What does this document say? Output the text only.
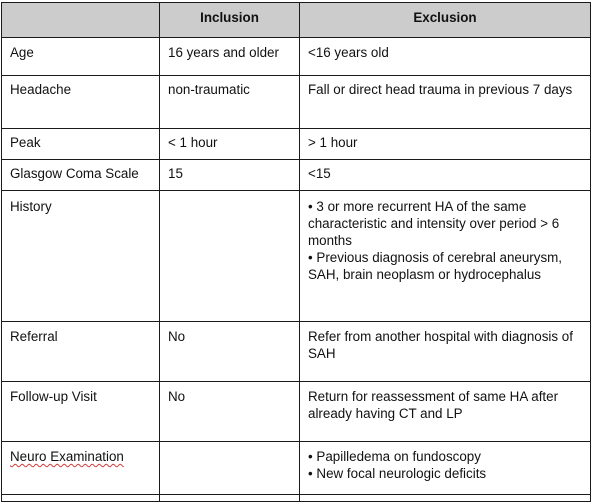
	Inclusion	Exclusion
Age	16 years and older	<16 years old

Headache	non-traumatic	Fall or direct head trauma in previous 7 days

Peak	< 1 hour	> 1 hour

Glasgow Coma Scale	15	<15

History		• 3 or more recurrent HA of the same characteristic and intensity over period > 6 months
• Previous diagnosis of cerebral aneurysm, SAH, brain neoplasm or hydrocephalus

Referral	No	Refer from another hospital with diagnosis of SAH

Follow-up Visit	No	Return for reassessment of same HA after already having CT and LP

Neuro Examination		• Papilledema on fundoscopy
• New focal neurologic deficits
